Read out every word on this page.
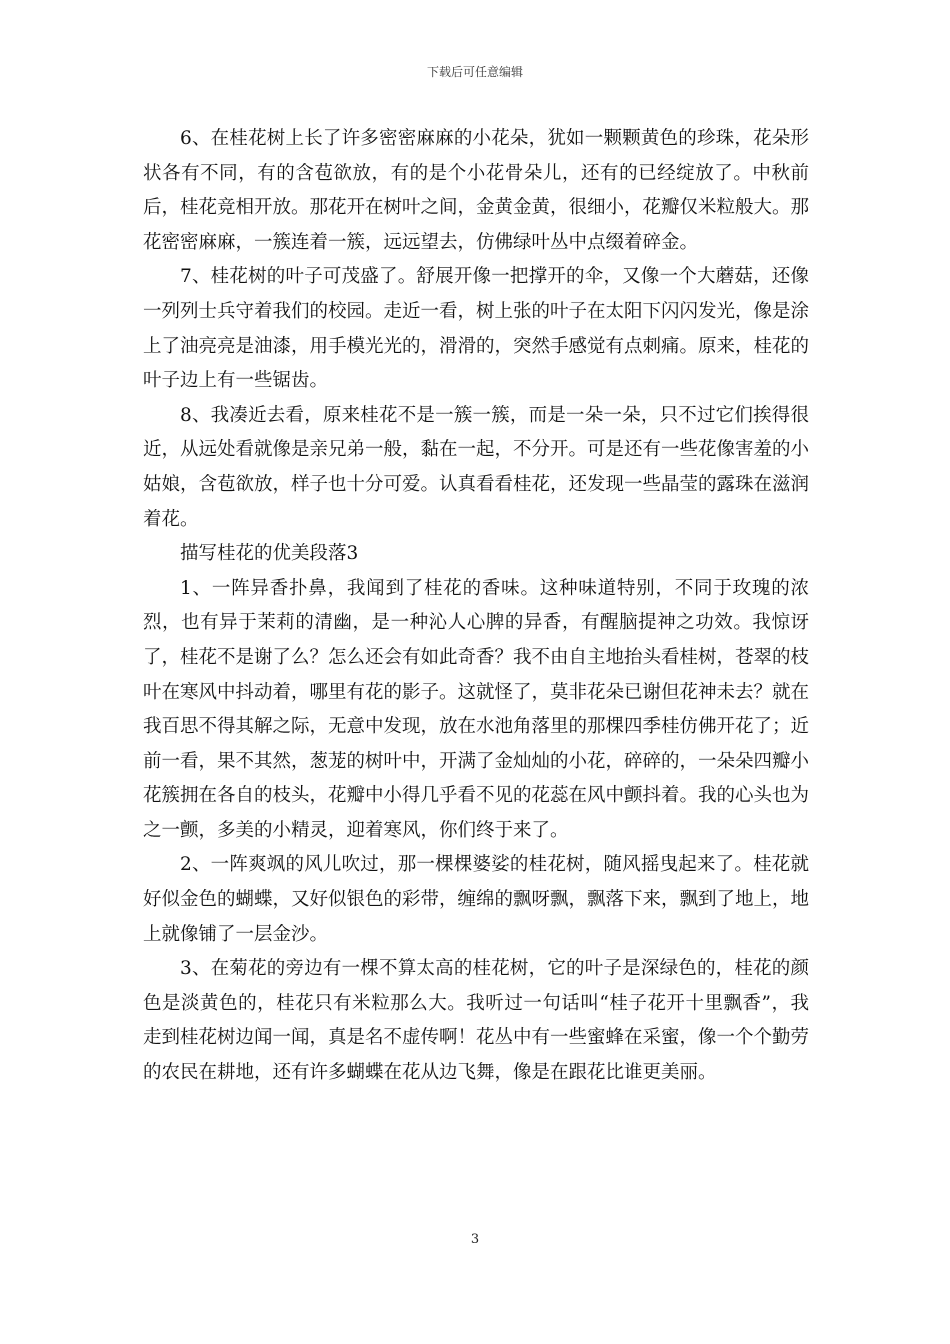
下载后可任意编辑

6、在桂花树上长了许多密密麻麻的小花朵，犹如一颗颗黄色的珍珠，花朵形状各有不同，有的含苞欲放，有的是个小花骨朵儿，还有的已经绽放了。中秋前后，桂花竞相开放。那花开在树叶之间，金黄金黄，很细小，花瓣仅米粒般大。那花密密麻麻，一簇连着一簇，远远望去，仿佛绿叶丛中点缀着碎金。

7、桂花树的叶子可茂盛了。舒展开像一把撑开的伞，又像一个大蘑菇，还像一列列士兵守着我们的校园。走近一看，树上张的叶子在太阳下闪闪发光，像是涂上了油亮亮是油漆，用手模光光的，滑滑的，突然手感觉有点刺痛。原来，桂花的叶子边上有一些锯齿。

8、我凑近去看，原来桂花不是一簇一簇，而是一朵一朵，只不过它们挨得很近，从远处看就像是亲兄弟一般，黏在一起，不分开。可是还有一些花像害羞的小姑娘，含苞欲放，样子也十分可爱。认真看看桂花，还发现一些晶莹的露珠在滋润着花。

描写桂花的优美段落3

1、一阵异香扑鼻，我闻到了桂花的香味。这种味道特别，不同于玫瑰的浓烈，也有异于茉莉的清幽，是一种沁人心脾的异香，有醒脑提神之功效。我惊讶了，桂花不是谢了么？怎么还会有如此奇香？我不由自主地抬头看桂树，苍翠的枝叶在寒风中抖动着，哪里有花的影子。这就怪了，莫非花朵已谢但花神未去？就在我百思不得其解之际，无意中发现，放在水池角落里的那棵四季桂仿佛开花了；近前一看，果不其然，葱茏的树叶中，开满了金灿灿的小花，碎碎的，一朵朵四瓣小花簇拥在各自的枝头，花瓣中小得几乎看不见的花蕊在风中颤抖着。我的心头也为之一颤，多美的小精灵，迎着寒风，你们终于来了。

2、一阵爽飒的风儿吹过，那一棵棵婆娑的桂花树，随风摇曳起来了。桂花就好似金色的蝴蝶，又好似银色的彩带，缠绵的飘呀飘，飘落下来，飘到了地上，地上就像铺了一层金沙。

3、在菊花的旁边有一棵不算太高的桂花树，它的叶子是深绿色的，桂花的颜色是淡黄色的，桂花只有米粒那么大。我听过一句话叫“桂子花开十里飘香”，我走到桂花树边闻一闻，真是名不虚传啊！花丛中有一些蜜蜂在采蜜，像一个个勤劳的农民在耕地，还有许多蝴蝶在花从边飞舞，像是在跟花比谁更美丽。

3
